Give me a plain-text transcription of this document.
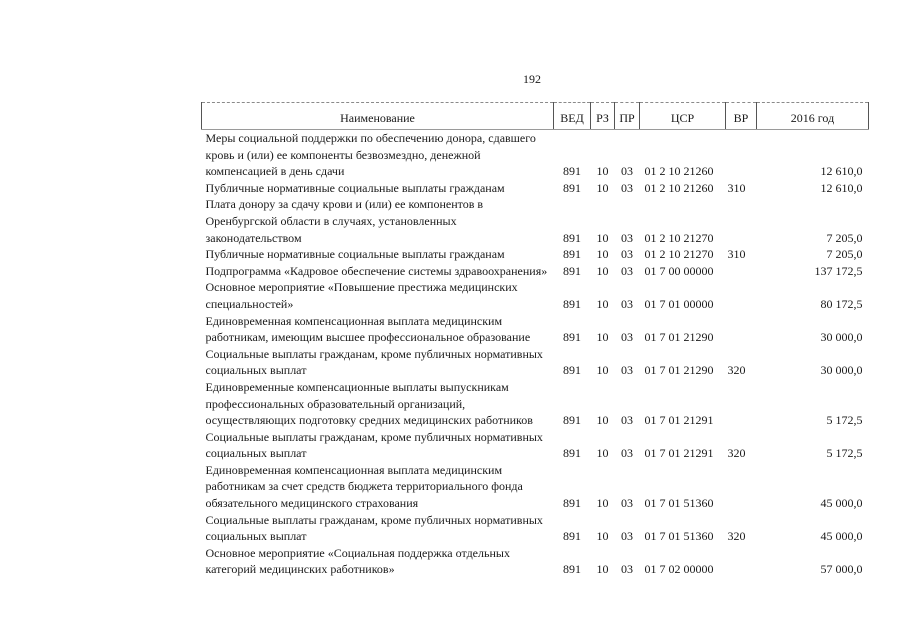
192
Наименование	ВЕД	РЗ	ПР	ЦСР	ВР	2016 год
Меры социальной поддержки по обеспечению донора, сдавшего кровь и (или) ее компоненты безвозмездно, денежной компенсацией в день сдачи	891	10	03	01 2 10 21260		12 610,0
Публичные нормативные социальные выплаты гражданам	891	10	03	01 2 10 21260	310	12 610,0
Плата донору за сдачу крови и (или) ее компонентов в Оренбургской области в случаях, установленных законодательством	891	10	03	01 2 10 21270		7 205,0
Публичные нормативные социальные выплаты гражданам	891	10	03	01 2 10 21270	310	7 205,0
Подпрограмма «Кадровое обеспечение системы здравоохранения»	891	10	03	01 7 00 00000		137 172,5
Основное мероприятие «Повышение престижа медицинских специальностей»	891	10	03	01 7 01 00000		80 172,5
Единовременная компенсационная выплата медицинским работникам, имеющим высшее профессиональное образование	891	10	03	01 7 01 21290		30 000,0
Социальные выплаты гражданам, кроме публичных нормативных социальных выплат	891	10	03	01 7 01 21290	320	30 000,0
Единовременные компенсационные выплаты выпускникам профессиональных образовательный организаций, осуществляющих подготовку средних медицинских работников	891	10	03	01 7 01 21291		5 172,5
Социальные выплаты гражданам, кроме публичных нормативных социальных выплат	891	10	03	01 7 01 21291	320	5 172,5
Единовременная компенсационная выплата медицинским работникам за счет средств бюджета территориального фонда обязательного медицинского страхования	891	10	03	01 7 01 51360		45 000,0
Социальные выплаты гражданам, кроме публичных нормативных социальных выплат	891	10	03	01 7 01 51360	320	45 000,0
Основное мероприятие «Социальная поддержка отдельных категорий медицинских работников»	891	10	03	01 7 02 00000		57 000,0
